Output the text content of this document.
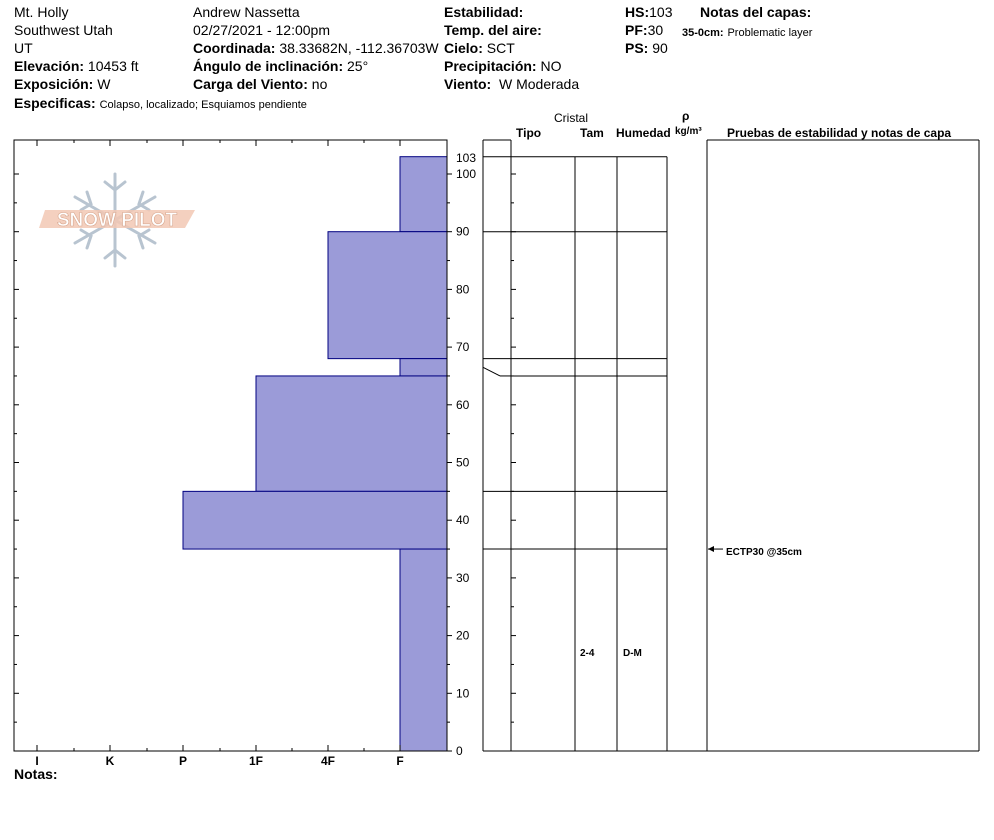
Mt. Holly
Southwest Utah
UT
Elevación: 10453 ft
Exposición: W
Especificas: Colapso, localizado; Esquiamos pendiente
Andrew Nassetta
02/27/2021 - 12:00pm
Coordinada: 38.33682N, -112.36703W
Ángulo de inclinación: 25°
Carga del Viento: no
Estabilidad:
Temp. del aire:
Cielo: SCT
Precipitación: NO
Viento: W Moderada
HS:103
PF:30
PS: 90
Notas del capas:
35-0cm: Problematic layer
Cristal
Tipo	Tam Humedad
ρ
kg/m³ Pruebas de estabilidad y notas de capa
SNOW PILOT
0
10
20
30
40
50
60
70
80
90
100
103
I	K	P	1F	4F	F
2-4	D-M
ECTP30 @35cm
Notas:
